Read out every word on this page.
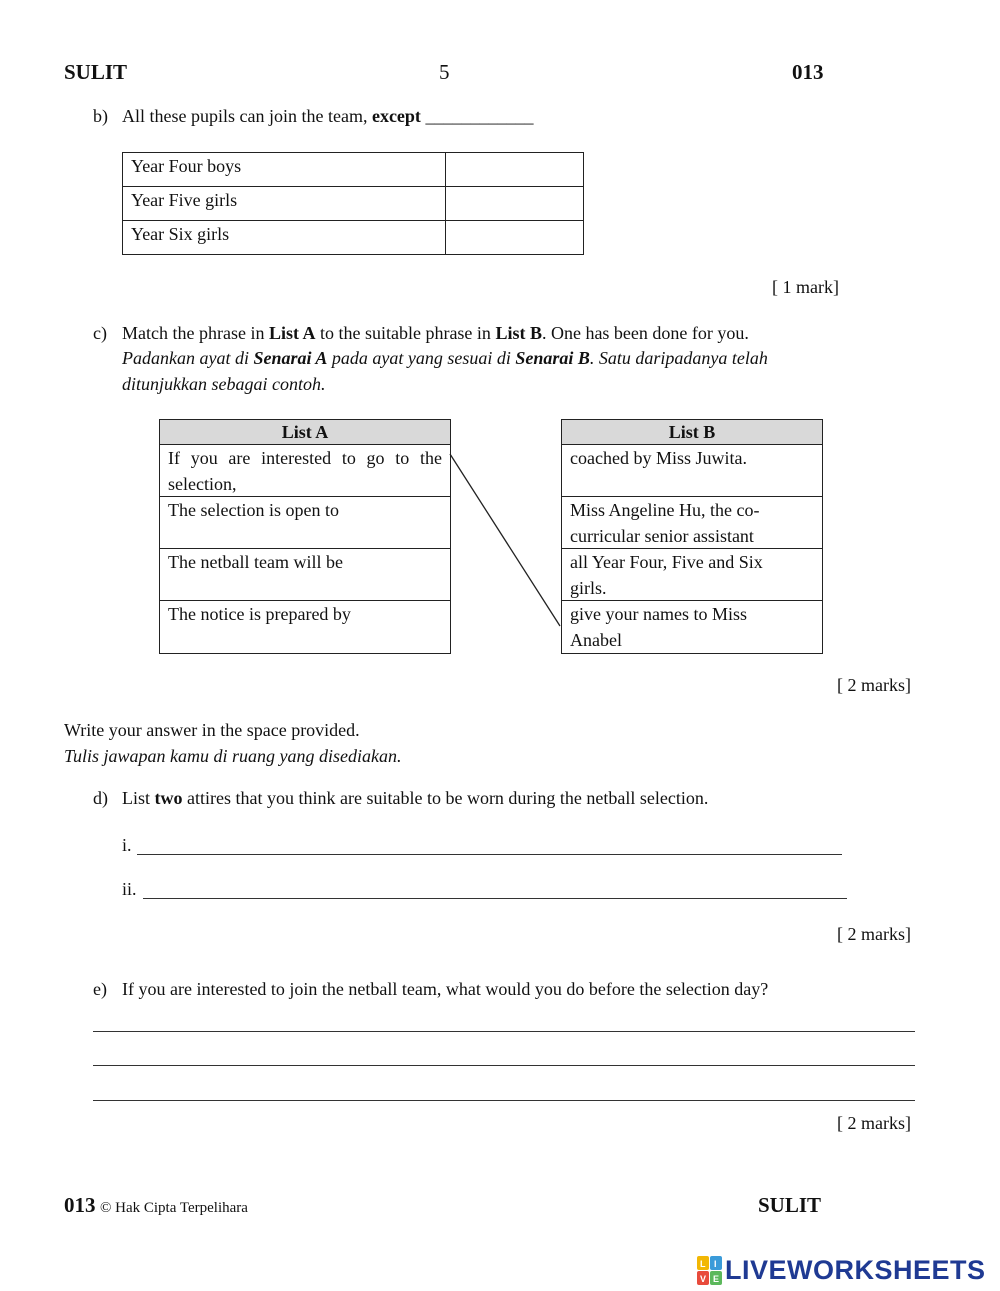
SULIT	5	013
b) All these pupils can join the team, except ____________
Year Four boys	
Year Five girls	
Year Six girls	
[ 1 mark]
c) Match the phrase in List A to the suitable phrase in List B. One has been done for you.
Padankan ayat di Senarai A pada ayat yang sesuai di Senarai B. Satu daripadanya telah
ditunjukkan sebagai contoh.
List A
If you are interested to go to the
selection,
The selection is open to
The netball team will be
The notice is prepared by
List B
coached by Miss Juwita.
Miss Angeline Hu, the co-
curricular senior assistant
all Year Four, Five and Six
girls.
give your names to Miss
Anabel
[ 2 marks]
Write your answer in the space provided.
Tulis jawapan kamu di ruang yang disediakan.
d) List two attires that you think are suitable to be worn during the netball selection.
i.
ii.
[ 2 marks]
e) If you are interested to join the netball team, what would you do before the selection day?
[ 2 marks]
013 © Hak Cipta Terpelihara	SULIT
L I
V E LIVEWORKSHEETS
